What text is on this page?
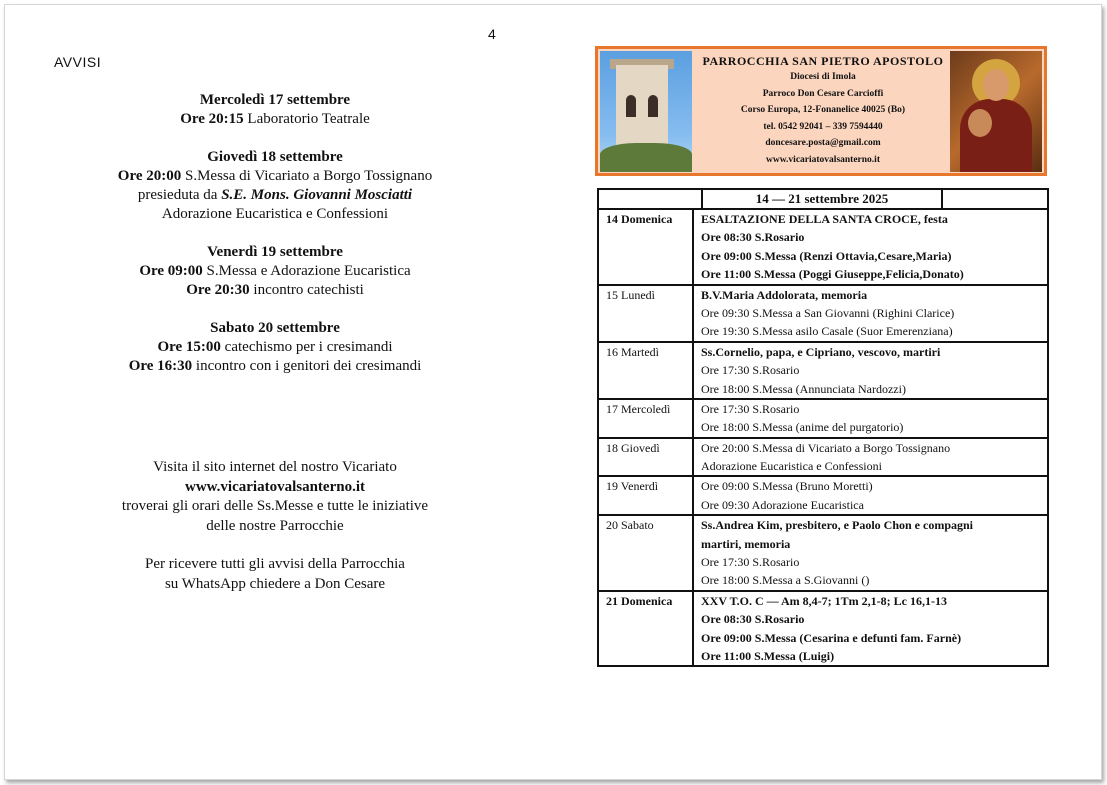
4
AVVISI
Mercoledì 17 settembre
Ore 20:15 Laboratorio Teatrale
Giovedì 18 settembre
Ore 20:00 S.Messa di Vicariato a Borgo Tossignano
presieduta da S.E. Mons. Giovanni Mosciatti
Adorazione Eucaristica e Confessioni
Venerdì 19 settembre
Ore 09:00 S.Messa e Adorazione Eucaristica
Ore 20:30 incontro catechisti
Sabato 20 settembre
Ore 15:00 catechismo per i cresimandi
Ore 16:30 incontro con i genitori dei cresimandi
Visita il sito internet del nostro Vicariato
www.vicariatovalsanterno.it
troverai gli orari delle Ss.Messe e tutte le iniziative
delle nostre Parrocchie
Per ricevere tutti gli avvisi della Parrocchia
su WhatsApp chiedere a Don Cesare
PARROCCHIA SAN PIETRO APOSTOLO
Diocesi di Imola
Parroco Don Cesare Carcioffi
Corso Europa, 12-Fonanelice 40025 (Bo)
tel. 0542 92041 – 339 7594440
doncesare.posta@gmail.com
www.vicariatovalsanterno.it
14 — 21 settembre 2025	

14 Domenica	ESALTAZIONE DELLA SANTA CROCE, festa
Ore 08:30 S.Rosario
Ore 09:00 S.Messa (Renzi Ottavia,Cesare,Maria)
Ore 11:00 S.Messa (Poggi Giuseppe,Felicia,Donato)

15 Lunedì	B.V.Maria Addolorata, memoria
Ore 09:30 S.Messa a San Giovanni (Righini Clarice)
Ore 19:30 S.Messa asilo Casale (Suor Emerenziana)

16 Martedì	Ss.Cornelio, papa, e Cipriano, vescovo, martiri
Ore 17:30 S.Rosario
Ore 18:00 S.Messa (Annunciata Nardozzi)

17 Mercoledì	Ore 17:30 S.Rosario
Ore 18:00 S.Messa (anime del purgatorio)

18 Giovedì	Ore 20:00 S.Messa di Vicariato a Borgo Tossignano
Adorazione Eucaristica e Confessioni

19 Venerdì	Ore 09:00 S.Messa (Bruno Moretti)
Ore 09:30 Adorazione Eucaristica

20 Sabato	Ss.Andrea Kim, presbitero, e Paolo Chon e compagni
martiri, memoria
Ore 17:30 S.Rosario
Ore 18:00 S.Messa a S.Giovanni ()

21 Domenica	XXV T.O. C — Am 8,4-7; 1Tm 2,1-8; Lc 16,1-13
Ore 08:30 S.Rosario
Ore 09:00 S.Messa (Cesarina e defunti fam. Farnè)
Ore 11:00 S.Messa (Luigi)
